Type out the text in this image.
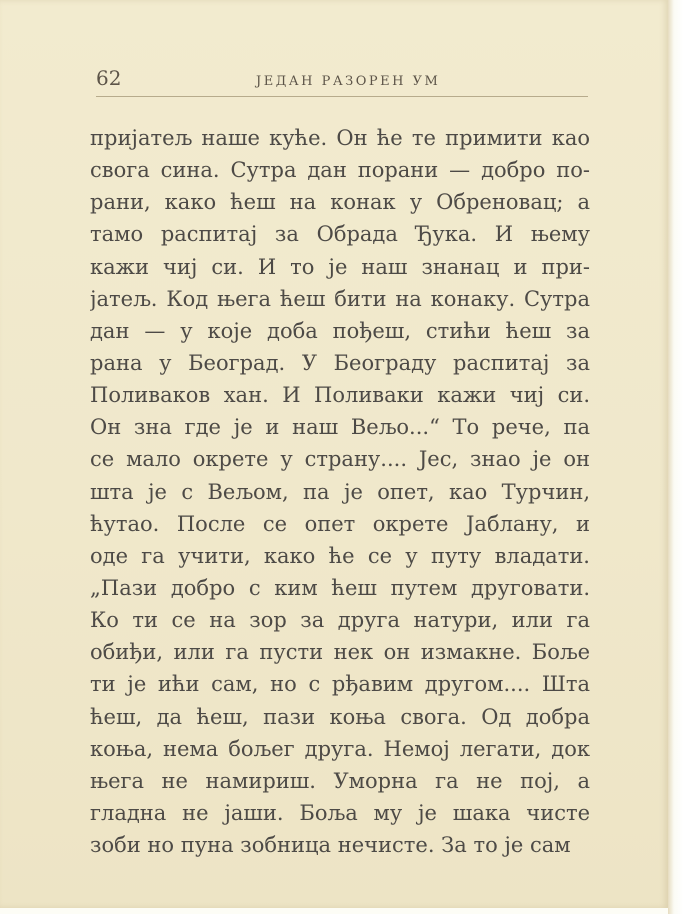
62	ЈЕДАН РАЗОРЕН УМ
пријатељ наше куће. Он ће те примити као
свога сина. Сутра дан порани — добро по-
рани, како ћеш на конак у Обреновац; а
тамо распитај за Обрада Ђука. И њему
кажи чиј си. И то је наш знанац и при-
јатељ. Код њега ћеш бити на конаку. Сутра
дан — у које доба пођеш, стићи ћеш за
рана у Београд. У Београду распитај за
Поливаков хан. И Поливаки кажи чиј си.
Он зна где је и наш Вељо...“ То рече, па
се мало окрете у страну.... Јес, знао је он
шта је с Вељом, па је опет, као Турчин,
ћутао. После се опет окрете Јаблану, и
оде га учити, како ће се у путу владати.
„Пази добро с ким ћеш путем друговати.
Ко ти се на зор за друга натури, или га
обиђи, или га пусти нек он измакне. Боље
ти је ићи сам, но с рђавим другом.... Шта
ћеш, да ћеш, пази коња свога. Од добра
коња, нема бољег друга. Немој легати, док
њега не намириш. Уморна га не поj, а
гладна не јаши. Боља му је шака чисте
зоби но пуна зобница нечисте. За то је сам
